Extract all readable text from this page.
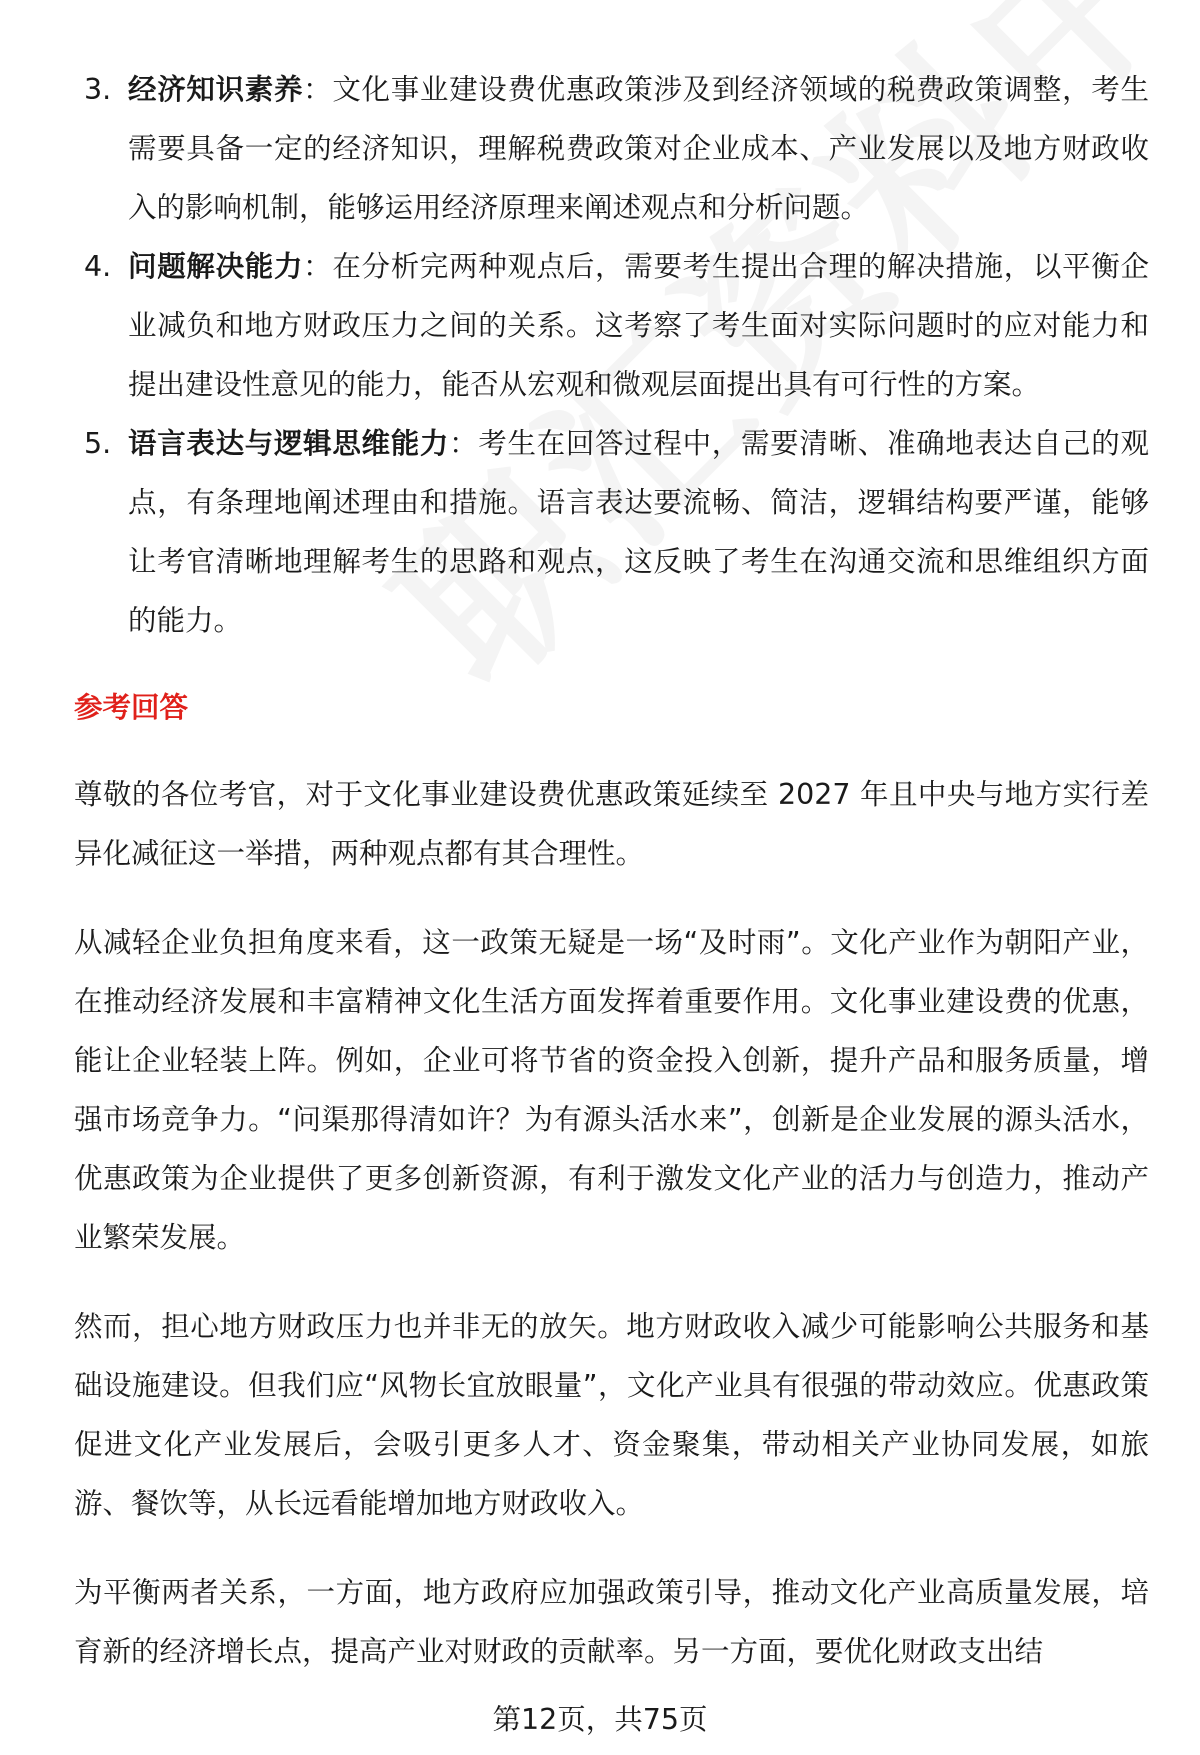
3. 经济知识素养：文化事业建设费优惠政策涉及到经济领域的税费政策调整，考生需要具备一定的经济知识，理解税费政策对企业成本、产业发展以及地方财政收入的影响机制，能够运用经济原理来阐述观点和分析问题。
4. 问题解决能力：在分析完两种观点后，需要考生提出合理的解决措施，以平衡企业减负和地方财政压力之间的关系。这考察了考生面对实际问题时的应对能力和提出建设性意见的能力，能否从宏观和微观层面提出具有可行性的方案。
5. 语言表达与逻辑思维能力：考生在回答过程中，需要清晰、准确地表达自己的观点，有条理地阐述理由和措施。语言表达要流畅、简洁，逻辑结构要严谨，能够让考官清晰地理解考生的思路和观点，这反映了考生在沟通交流和思维组织方面的能力。
参考回答

尊敬的各位考官，对于文化事业建设费优惠政策延续至 2027 年且中央与地方实行差异化减征这一举措，两种观点都有其合理性。

从减轻企业负担角度来看，这一政策无疑是一场“及时雨”。文化产业作为朝阳产业，在推动经济发展和丰富精神文化生活方面发挥着重要作用。文化事业建设费的优惠，能让企业轻装上阵。例如，企业可将节省的资金投入创新，提升产品和服务质量，增强市场竞争力。“问渠那得清如许？为有源头活水来”，创新是企业发展的源头活水，优惠政策为企业提供了更多创新资源，有利于激发文化产业的活力与创造力，推动产业繁荣发展。

然而，担心地方财政压力也并非无的放矢。地方财政收入减少可能影响公共服务和基础设施建设。但我们应“风物长宜放眼量”，文化产业具有很强的带动效应。优惠政策促进文化产业发展后，会吸引更多人才、资金聚集，带动相关产业协同发展，如旅游、餐饮等，从长远看能增加地方财政收入。

为平衡两者关系，一方面，地方政府应加强政策引导，推动文化产业高质量发展，培育新的经济增长点，提高产业对财政的贡献率。另一方面，要优化财政支出结

第12页，共75页
